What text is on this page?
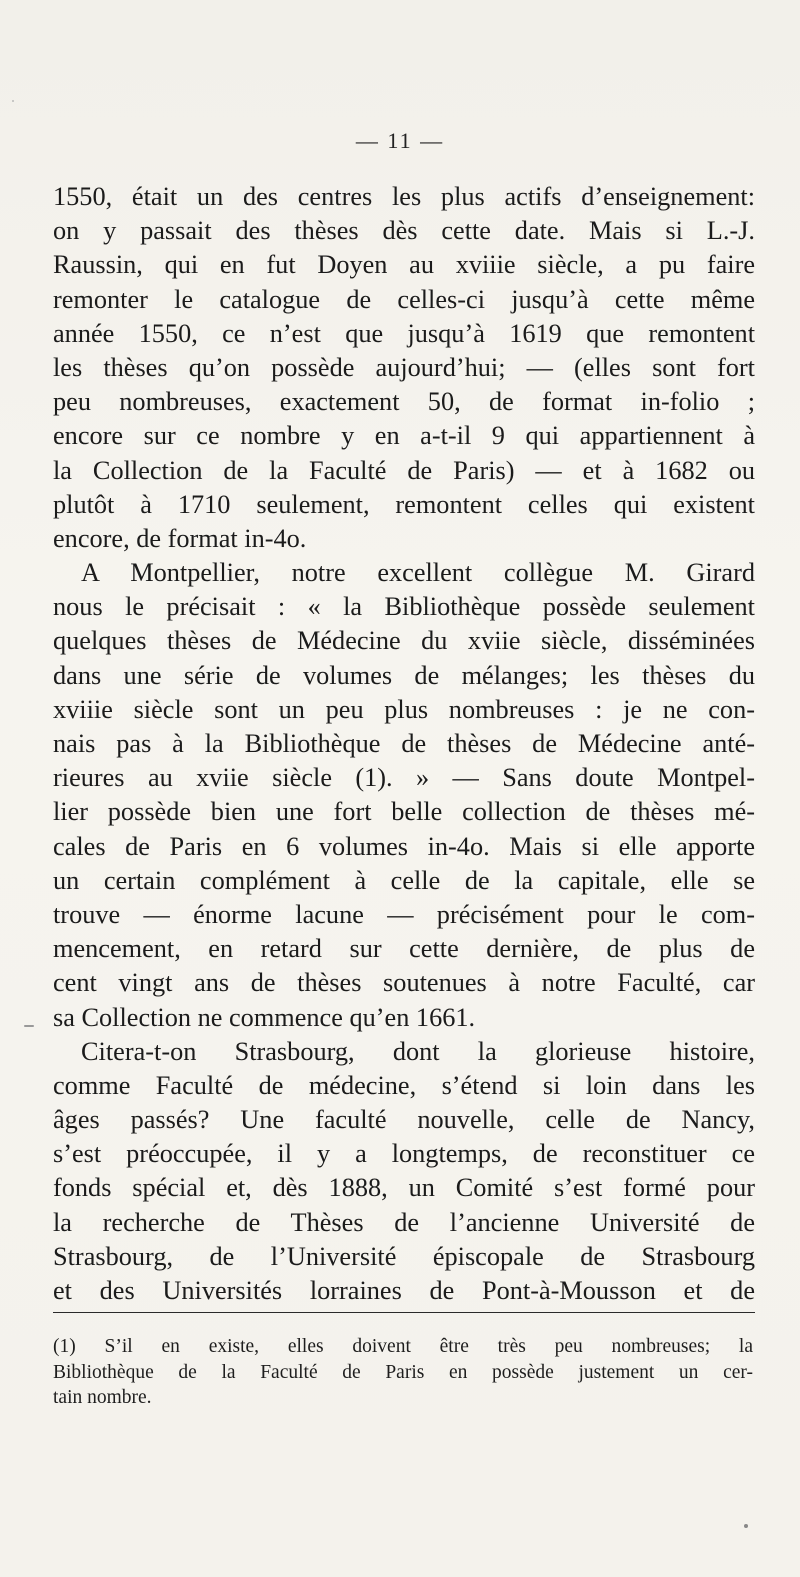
— 11 —
1550, était un des centres les plus actifs d’enseignement:
on y passait des thèses dès cette date. Mais si L.-J.
Raussin, qui en fut Doyen au xviiie siècle, a pu faire
remonter le catalogue de celles-ci jusqu’à cette même
année 1550, ce n’est que jusqu’à 1619 que remontent
les thèses qu’on possède aujourd’hui; — (elles sont fort
peu nombreuses, exactement 50, de format in-folio ;
encore sur ce nombre y en a-t-il 9 qui appartiennent à
la Collection de la Faculté de Paris) — et à 1682 ou
plutôt à 1710 seulement, remontent celles qui existent
encore, de format in-4o.
A Montpellier, notre excellent collègue M. Girard
nous le précisait : « la Bibliothèque possède seulement
quelques thèses de Médecine du xviie siècle, disséminées
dans une série de volumes de mélanges; les thèses du
xviiie siècle sont un peu plus nombreuses : je ne con-
nais pas à la Bibliothèque de thèses de Médecine anté-
rieures au xviie siècle (1). » — Sans doute Montpel-
lier possède bien une fort belle collection de thèses mé-
cales de Paris en 6 volumes in-4o. Mais si elle apporte
un certain complément à celle de la capitale, elle se
trouve — énorme lacune — précisément pour le com-
mencement, en retard sur cette dernière, de plus de
cent vingt ans de thèses soutenues à notre Faculté, car
sa Collection ne commence qu’en 1661.
Citera-t-on Strasbourg, dont la glorieuse histoire,
comme Faculté de médecine, s’étend si loin dans les
âges passés? Une faculté nouvelle, celle de Nancy,
s’est préoccupée, il y a longtemps, de reconstituer ce
fonds spécial et, dès 1888, un Comité s’est formé pour
la recherche de Thèses de l’ancienne Université de
Strasbourg, de l’Université épiscopale de Strasbourg
et des Universités lorraines de Pont-à-Mousson et de
(1) S’il en existe, elles doivent être très peu nombreuses; la
Bibliothèque de la Faculté de Paris en possède justement un cer-
tain nombre.
